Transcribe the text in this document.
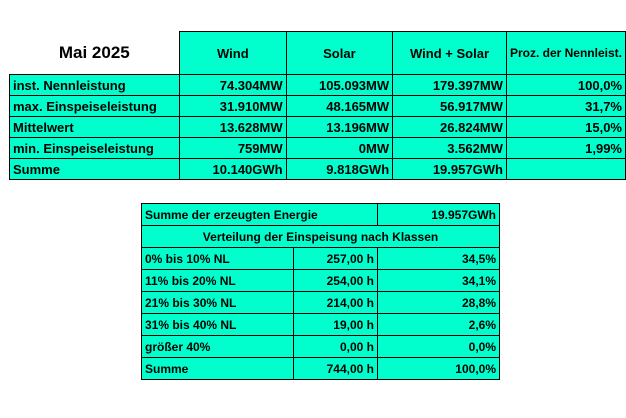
Mai 2025	Wind	Solar	Wind + Solar	Proz. der Nennleist.
inst. Nennleistung	74.304MW	105.093MW	179.397MW	100,0%
max. Einspeiseleistung	31.910MW	48.165MW	56.917MW	31,7%
Mittelwert	13.628MW	13.196MW	26.824MW	15,0%
min. Einspeiseleistung	759MW	0MW	3.562MW	1,99%
Summe	10.140GWh	9.818GWh	19.957GWh	
Summe der erzeugten Energie		19.957GWh
Verteilung der Einspeisung nach Klassen		
0% bis 10% NL	257,00 h	34,5%
11% bis 20% NL	254,00 h	34,1%
21% bis 30% NL	214,00 h	28,8%
31% bis 40% NL	19,00 h	2,6%
größer 40%	0,00 h	0,0%
Summe	744,00 h	100,0%
